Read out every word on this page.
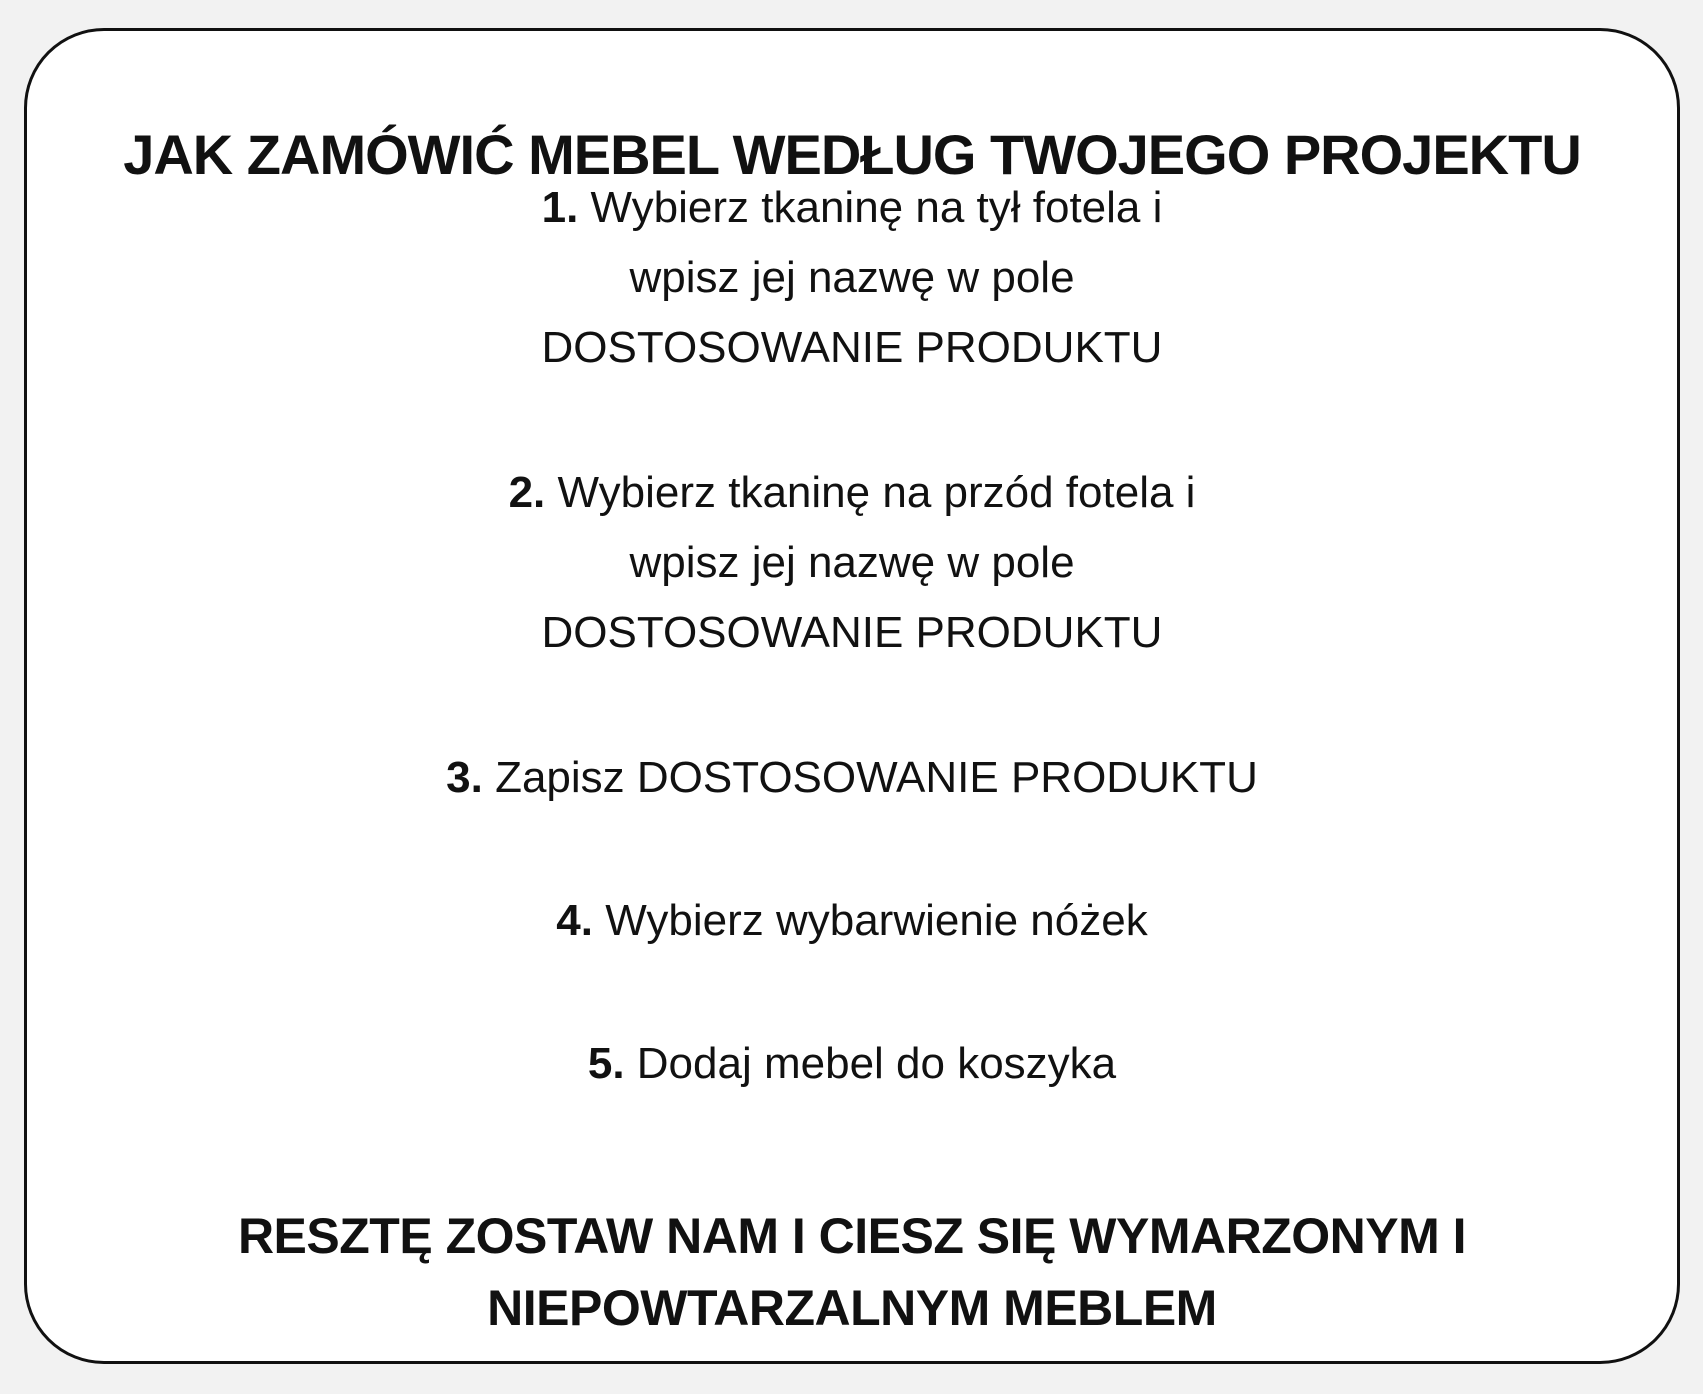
JAK ZAMÓWIĆ MEBEL WEDŁUG TWOJEGO PROJEKTU
1. Wybierz tkaninę na tył fotela i
wpisz jej nazwę w pole
DOSTOSOWANIE PRODUKTU
2. Wybierz tkaninę na przód fotela i
wpisz jej nazwę w pole
DOSTOSOWANIE PRODUKTU
3. Zapisz DOSTOSOWANIE PRODUKTU
4. Wybierz wybarwienie nóżek
5. Dodaj mebel do koszyka
RESZTĘ ZOSTAW NAM I CIESZ SIĘ WYMARZONYM I
NIEPOWTARZALNYM MEBLEM
